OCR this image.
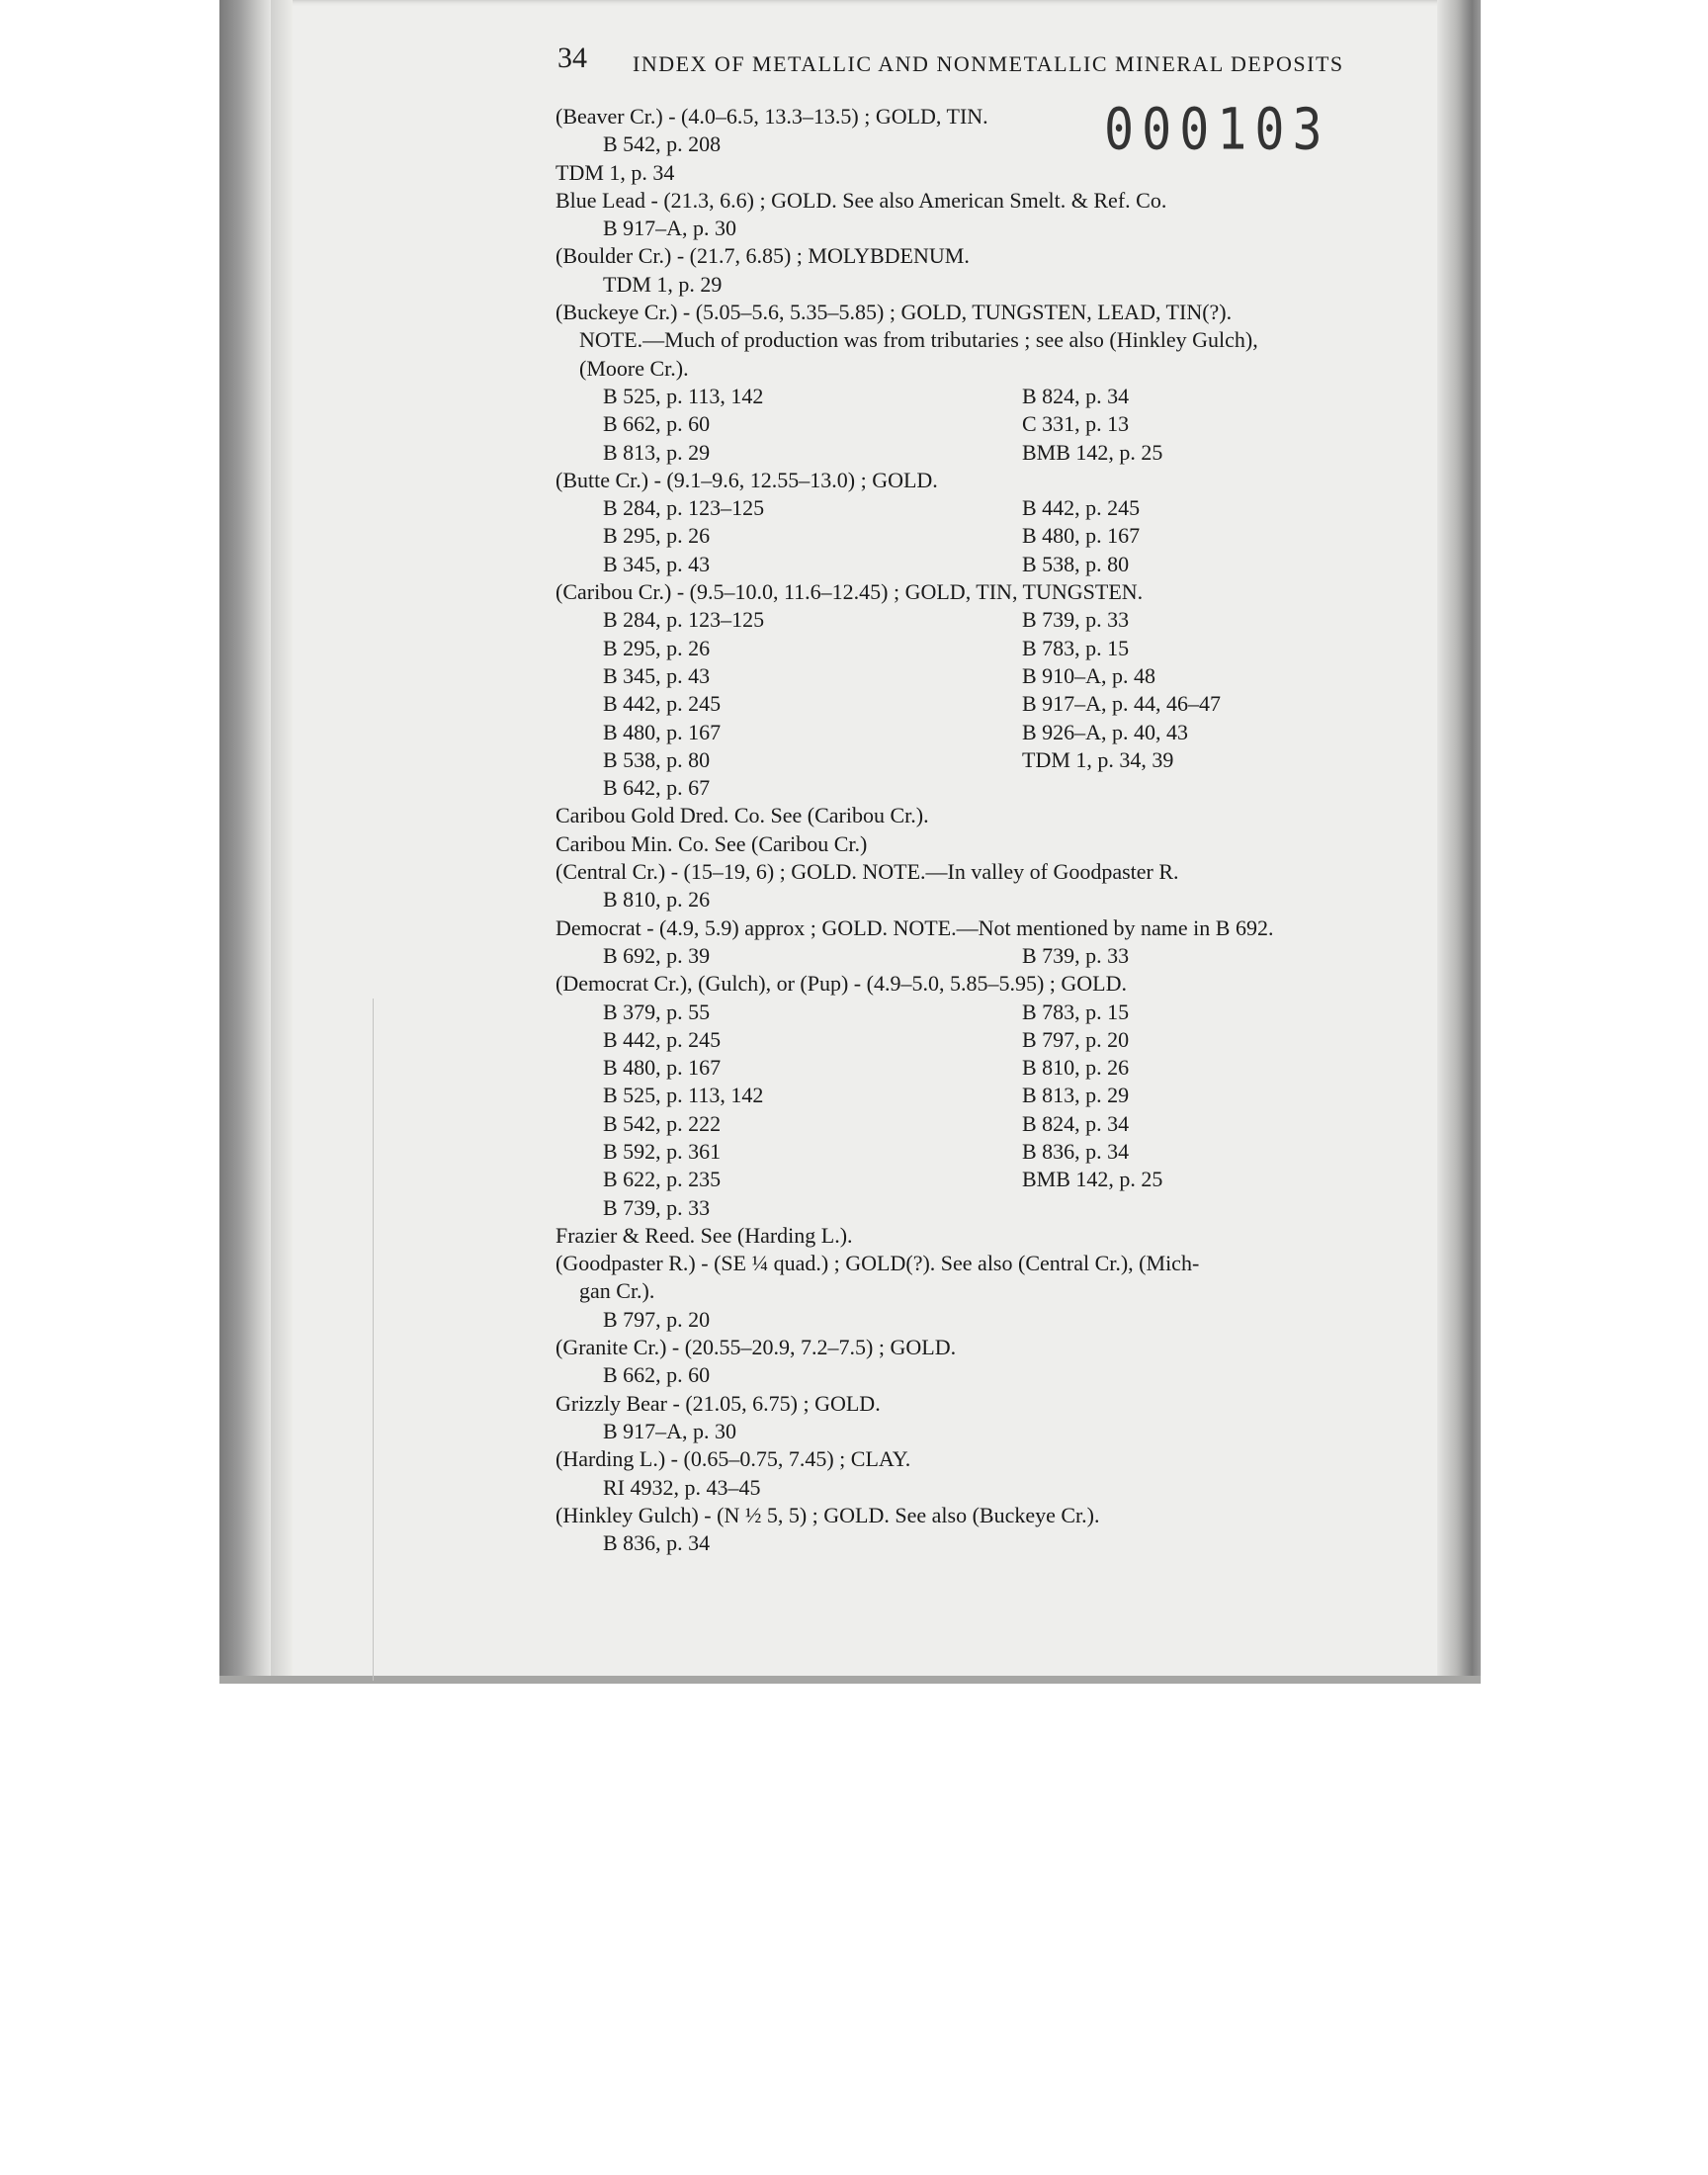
34 INDEX OF METALLIC AND NONMETALLIC MINERAL DEPOSITS
000103
(Beaver Cr.) - (4.0–6.5, 13.3–13.5) ; GOLD, TIN.
B 542, p. 208
TDM 1, p. 34
Blue Lead - (21.3, 6.6) ; GOLD. See also American Smelt. & Ref. Co.
B 917–A, p. 30
(Boulder Cr.) - (21.7, 6.85) ; MOLYBDENUM.
TDM 1, p. 29
(Buckeye Cr.) - (5.05–5.6, 5.35–5.85) ; GOLD, TUNGSTEN, LEAD, TIN(?).
NOTE.—Much of production was from tributaries ; see also (Hinkley Gulch),
(Moore Cr.).
B 525, p. 113, 142	B 824, p. 34
B 662, p. 60	C 331, p. 13
B 813, p. 29	BMB 142, p. 25
(Butte Cr.) - (9.1–9.6, 12.55–13.0) ; GOLD.
B 284, p. 123–125	B 442, p. 245
B 295, p. 26	B 480, p. 167
B 345, p. 43	B 538, p. 80
(Caribou Cr.) - (9.5–10.0, 11.6–12.45) ; GOLD, TIN, TUNGSTEN.
B 284, p. 123–125	B 739, p. 33
B 295, p. 26	B 783, p. 15
B 345, p. 43	B 910–A, p. 48
B 442, p. 245	B 917–A, p. 44, 46–47
B 480, p. 167	B 926–A, p. 40, 43
B 538, p. 80	TDM 1, p. 34, 39
B 642, p. 67
Caribou Gold Dred. Co. See (Caribou Cr.).
Caribou Min. Co. See (Caribou Cr.)
(Central Cr.) - (15–19, 6) ; GOLD. NOTE.—In valley of Goodpaster R.
B 810, p. 26
Democrat - (4.9, 5.9) approx ; GOLD. NOTE.—Not mentioned by name in B 692.
B 692, p. 39	B 739, p. 33
(Democrat Cr.), (Gulch), or (Pup) - (4.9–5.0, 5.85–5.95) ; GOLD.
B 379, p. 55	B 783, p. 15
B 442, p. 245	B 797, p. 20
B 480, p. 167	B 810, p. 26
B 525, p. 113, 142	B 813, p. 29
B 542, p. 222	B 824, p. 34
B 592, p. 361	B 836, p. 34
B 622, p. 235	BMB 142, p. 25
B 739, p. 33
Frazier & Reed. See (Harding L.).
(Goodpaster R.) - (SE ¼ quad.) ; GOLD(?). See also (Central Cr.), (Mich-
gan Cr.).
B 797, p. 20
(Granite Cr.) - (20.55–20.9, 7.2–7.5) ; GOLD.
B 662, p. 60
Grizzly Bear - (21.05, 6.75) ; GOLD.
B 917–A, p. 30
(Harding L.) - (0.65–0.75, 7.45) ; CLAY.
RI 4932, p. 43–45
(Hinkley Gulch) - (N ½ 5, 5) ; GOLD. See also (Buckeye Cr.).
B 836, p. 34
